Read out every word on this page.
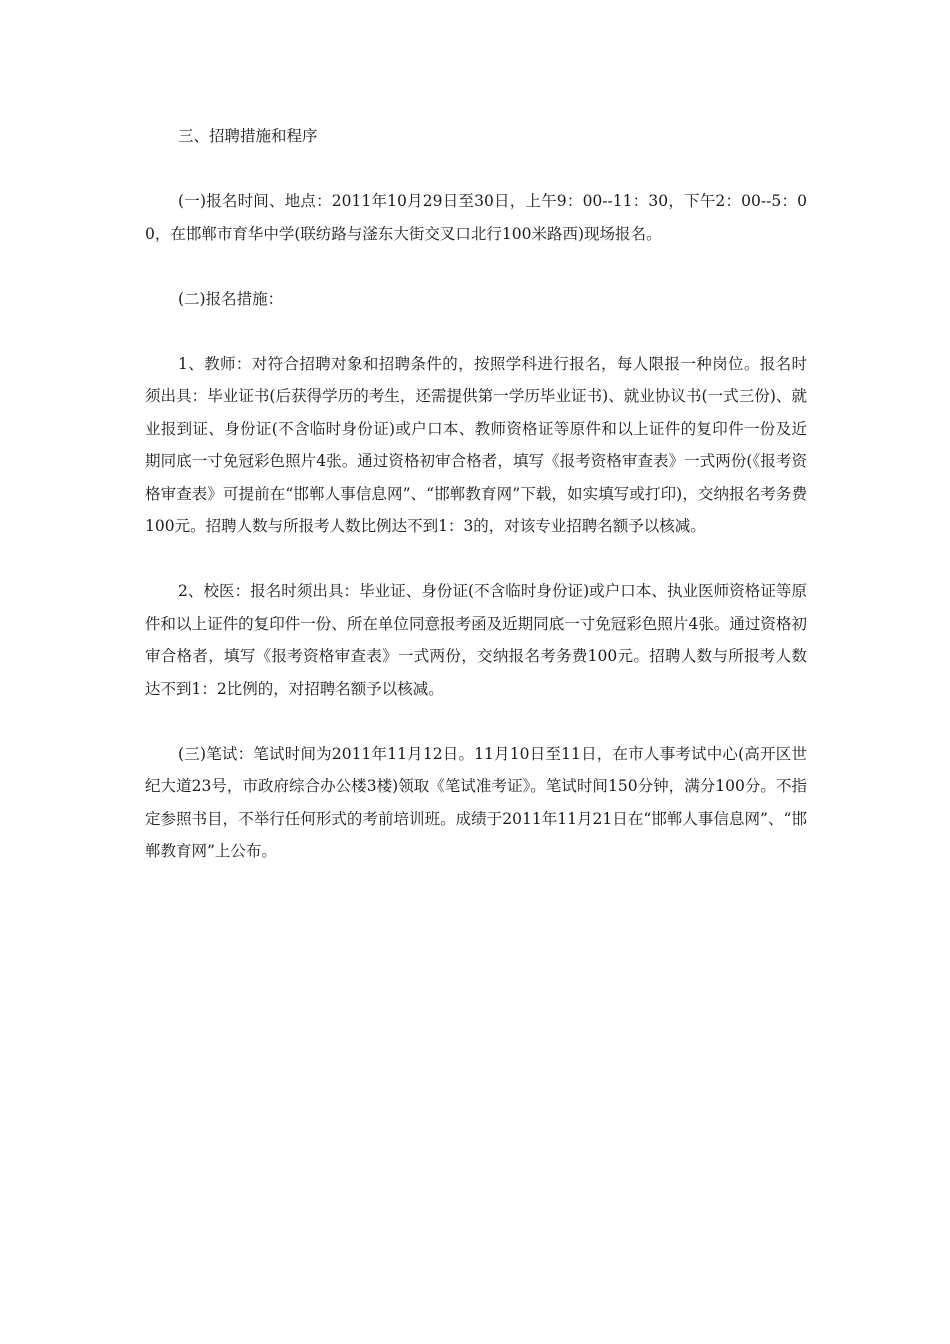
三、招聘措施和程序

(一)报名时间、地点：2011年10月29日至30日，上午9：00--11：30，下午2：00--5：00，在邯郸市育华中学(联纺路与滏东大街交叉口北行100米路西)现场报名。

(二)报名措施：

1、教师：对符合招聘对象和招聘条件的，按照学科进行报名，每人限报一种岗位。报名时须出具：毕业证书(后获得学历的考生，还需提供第一学历毕业证书)、就业协议书(一式三份)、就业报到证、身份证(不含临时身份证)或户口本、教师资格证等原件和以上证件的复印件一份及近期同底一寸免冠彩色照片4张。通过资格初审合格者，填写《报考资格审查表》一式两份(《报考资格审查表》可提前在“邯郸人事信息网”、“邯郸教育网”下载，如实填写或打印)，交纳报名考务费100元。招聘人数与所报考人数比例达不到1：3的，对该专业招聘名额予以核减。

2、校医：报名时须出具：毕业证、身份证(不含临时身份证)或户口本、执业医师资格证等原件和以上证件的复印件一份、所在单位同意报考函及近期同底一寸免冠彩色照片4张。通过资格初审合格者，填写《报考资格审查表》一式两份，交纳报名考务费100元。招聘人数与所报考人数达不到1：2比例的，对招聘名额予以核减。

(三)笔试：笔试时间为2011年11月12日。11月10日至11日，在市人事考试中心(高开区世纪大道23号，市政府综合办公楼3楼)领取《笔试准考证》。笔试时间150分钟，满分100分。不指定参照书目，不举行任何形式的考前培训班。成绩于2011年11月21日在“邯郸人事信息网”、“邯郸教育网”上公布。
